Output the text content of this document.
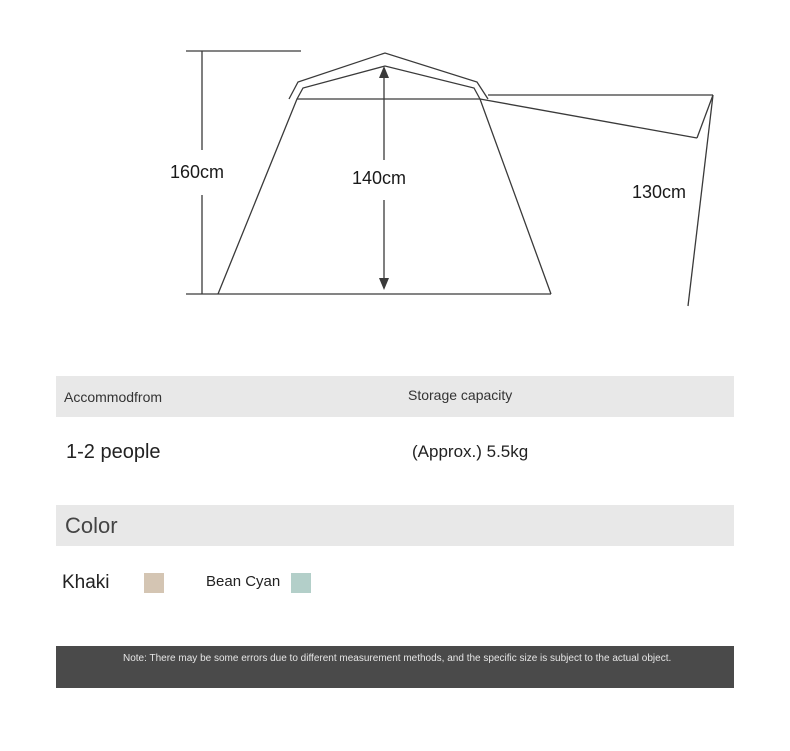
160cm	140cm
130cm
Accommodfrom	Storage capacity
1-2 people	(Approx.) 5.5kg
Color
Khaki	Bean Cyan
Note: There may be some errors due to different measurement methods, and the specific size is subject to the actual object.
